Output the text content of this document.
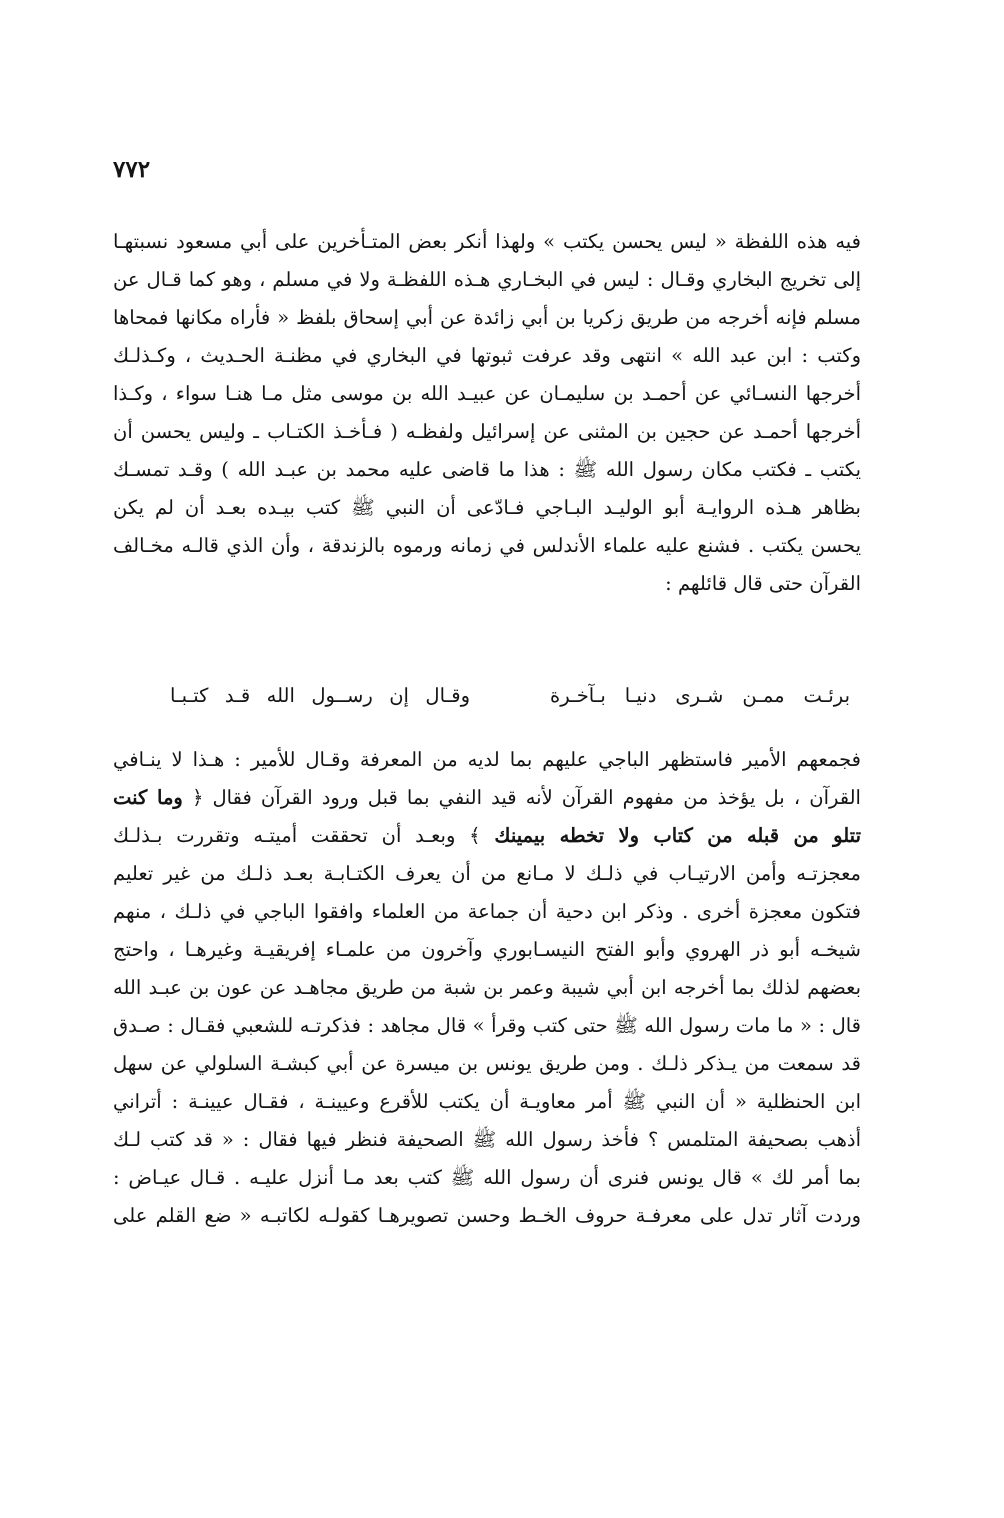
٧٧٢
فيه هذه اللفظة « ليس يحسن يكتب » ولهذا أنكر بعض المتـأخرين على أبي مسعود نسبتهـا
إلى تخريج البخاري وقـال : ليس في البخـاري هـذه اللفظـة ولا في مسلم ، وهو كما قـال عن
مسلم فإنه أخرجه من طريق زكريا بن أبي زائدة عن أبي إسحاق بلفظ « فأراه مكانها فمحاها
وكتب : ابن عبد الله » انتهى وقد عرفت ثبوتها في البخاري في مظنـة الحـديث ، وكـذلـك
أخرجها النسـائي عن أحمـد بن سليمـان عن عبيـد الله بن موسى مثل مـا هنـا سواء ، وكـذا
أخرجها أحمـد عن حجين بن المثنى عن إسرائيل ولفظـه ( فـأخـذ الكتـاب ـ وليس يحسن أن
يكتب ـ فكتب مكان رسول الله ﷺ : هذا ما قاضى عليه محمد بن عبـد الله ) وقـد تمسـك
بظاهر هـذه الروايـة أبو الوليـد البـاجي فـادّعى أن النبي ﷺ كتب بيـده بعـد أن لم يكن
يحسن يكتب . فشنع عليه علماء الأندلس في زمانه ورموه بالزندقة ، وأن الذي قالـه مخـالف
القرآن حتى قال قائلهم :
برئـت ممـن شـرى دنيـا بـآخـرة
وقـال إن رســول الله قـد كتـبـا
فجمعهم الأمير فاستظهر الباجي عليهم بما لديه من المعرفة وقـال للأمير : هـذا لا ينـافي
القرآن ، بل يؤخذ من مفهوم القرآن لأنه قيد النفي بما قبل ورود القرآن فقال ﴿ وما كنت
تتلو من قبله من كتاب ولا تخطه بيمينك ﴾ وبعـد أن تحققت أميتـه وتقررت بـذلـك
معجزتـه وأمن الارتيـاب في ذلـك لا مـانع من أن يعرف الكتـابـة بعـد ذلـك من غير تعليم
فتكون معجزة أخرى . وذكر ابن دحية أن جماعة من العلماء وافقوا الباجي في ذلـك ، منهم
شيخـه أبو ذر الهروي وأبو الفتح النيسـابوري وآخرون من علمـاء إفريقيـة وغيرهـا ، واحتج
بعضهم لذلك بما أخرجه ابن أبي شيبة وعمر بن شبة من طريق مجاهـد عن عون بن عبـد الله
قال : « ما مات رسول الله ﷺ حتى كتب وقرأ » قال مجاهد : فذكرتـه للشعبي فقـال : صـدق
قد سمعت من يـذكر ذلـك . ومن طريق يونس بن ميسرة عن أبي كبشـة السلولي عن سهل
ابن الحنظلية « أن النبي ﷺ أمر معاويـة أن يكتب للأقرع وعيينـة ، فقـال عيينـة : أتراني
أذهب بصحيفة المتلمس ؟ فأخذ رسول الله ﷺ الصحيفة فنظر فيها فقال : « قد كتب لـك
بما أمر لك » قال يونس فنرى أن رسول الله ﷺ كتب بعد مـا أنزل عليـه . قـال عيـاض :
وردت آثار تدل على معرفـة حروف الخـط وحسن تصويرهـا كقولـه لكاتبـه « ضع القلم على
